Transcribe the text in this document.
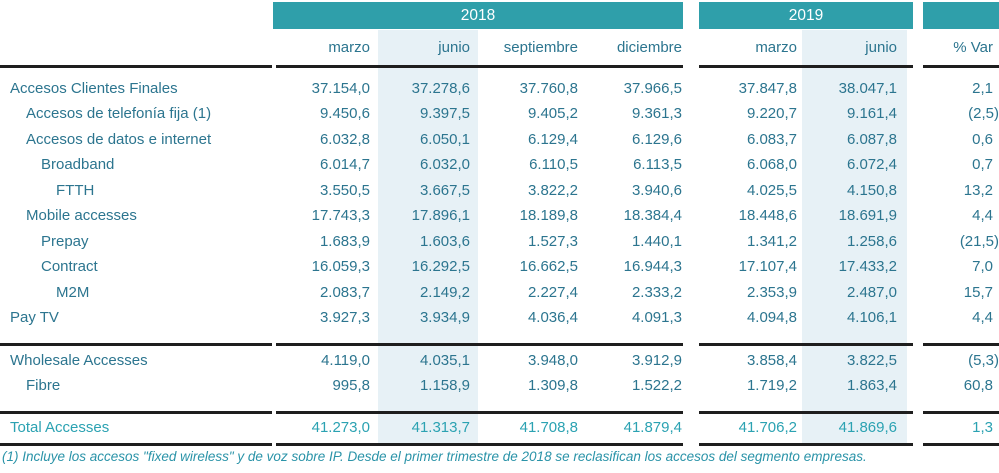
2018	2019
marzo	junio	septiembre	diciembre	marzo	junio	% Var
Accesos Clientes Finales	37.154,0	37.278,6	37.760,8	37.966,5	37.847,8	38.047,1	2,1
Accesos de telefonía fija (1)	9.450,6	9.397,5	9.405,2	9.361,3	9.220,7	9.161,4	(2,5)
Accesos de datos e internet	6.032,8	6.050,1	6.129,4	6.129,6	6.083,7	6.087,8	0,6
Broadband	6.014,7	6.032,0	6.110,5	6.113,5	6.068,0	6.072,4	0,7
FTTH	3.550,5	3.667,5	3.822,2	3.940,6	4.025,5	4.150,8	13,2
Mobile accesses	17.743,3	17.896,1	18.189,8	18.384,4	18.448,6	18.691,9	4,4
Prepay	1.683,9	1.603,6	1.527,3	1.440,1	1.341,2	1.258,6	(21,5)
Contract	16.059,3	16.292,5	16.662,5	16.944,3	17.107,4	17.433,2	7,0
M2M	2.083,7	2.149,2	2.227,4	2.333,2	2.353,9	2.487,0	15,7
Pay TV	3.927,3	3.934,9	4.036,4	4.091,3	4.094,8	4.106,1	4,4
Wholesale Accesses	4.119,0	4.035,1	3.948,0	3.912,9	3.858,4	3.822,5	(5,3)
Fibre	995,8	1.158,9	1.309,8	1.522,2	1.719,2	1.863,4	60,8
Total Accesses	41.273,0	41.313,7	41.708,8	41.879,4	41.706,2	41.869,6	1,3
(1) Incluye los accesos "fixed wireless" y de voz sobre IP. Desde el primer trimestre de 2018 se reclasifican los accesos del segmento empresas.
